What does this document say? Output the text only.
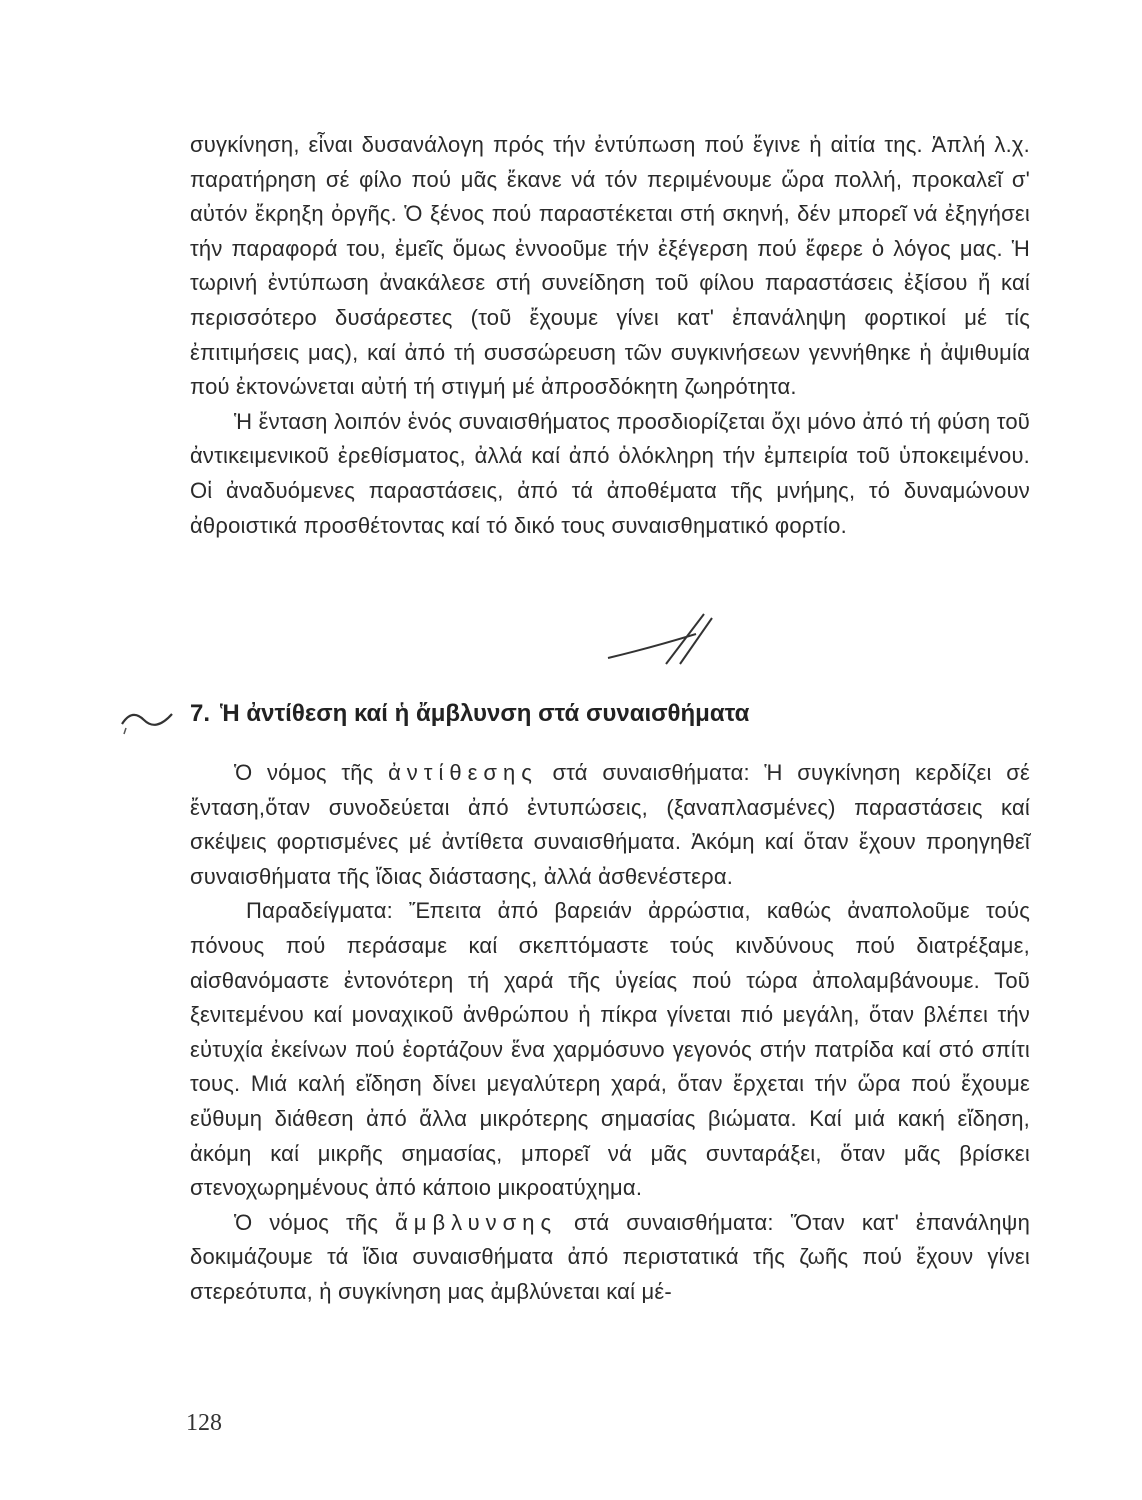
συγκίνηση, εἶναι δυσανάλογη πρός τήν ἐντύπωση πού ἔγινε ἡ αἰτία της. Ἁπλή λ.χ. παρατήρηση σέ φίλο πού μᾶς ἔκανε νά τόν περιμένουμε ὥρα πολλή, προκαλεῖ σ' αὐτόν ἔκρηξη ὀργῆς. Ὁ ξένος πού παραστέκεται στή σκηνή, δέν μπορεῖ νά ἐξηγήσει τήν παραφορά του, ἐμεῖς ὅμως ἐννοοῦμε τήν ἐξέγερση πού ἔφερε ὁ λόγος μας. Ἡ τωρινή ἐντύπωση ἀνακάλεσε στή συνείδηση τοῦ φίλου παραστάσεις ἐξίσου ἤ καί περισσότερο δυσάρεστες (τοῦ ἔχουμε γίνει κατ' ἐπανάληψη φορτικοί μέ τίς ἐπιτιμήσεις μας), καί ἀπό τή συσσώρευση τῶν συγκινήσεων γεννήθηκε ἡ ἀψιθυμία πού ἐκτονώνεται αὐτή τή στιγμή μέ ἀπροσδόκητη ζωηρότητα.

Ἡ ἔνταση λοιπόν ἑνός συναισθήματος προσδιορίζεται ὄχι μόνο ἀπό τή φύση τοῦ ἀντικειμενικοῦ ἐρεθίσματος, ἀλλά καί ἀπό ὁλόκληρη τήν ἐμπειρία τοῦ ὑποκειμένου. Οἱ ἀναδυόμενες παραστάσεις, ἀπό τά ἀποθέματα τῆς μνήμης, τό δυναμώνουν ἀθροιστικά προσθέτοντας καί τό δικό τους συναισθηματικό φορτίο.

7. Ἡ ἀντίθεση καί ἡ ἄμβλυνση στά συναισθήματα

Ὁ νόμος τῆς ἀντίθεσης στά συναισθήματα: Ἡ συγκίνηση κερδίζει σέ ἔνταση,ὅταν συνοδεύεται ἀπό ἐντυπώσεις, (ξαναπλασμένες) παραστάσεις καί σκέψεις φορτισμένες μέ ἀντίθετα συναισθήματα. Ἀκόμη καί ὅταν ἔχουν προηγηθεῖ συναισθήματα τῆς ἴδιας διάστασης, ἀλλά ἀσθενέστερα.

Παραδείγματα: Ἔπειτα ἀπό βαρειάν ἀρρώστια, καθώς ἀναπολοῦμε τούς πόνους πού περάσαμε καί σκεπτόμαστε τούς κινδύνους πού διατρέξαμε, αἰσθανόμαστε ἐντονότερη τή χαρά τῆς ὑγείας πού τώρα ἀπολαμβάνουμε. Τοῦ ξενιτεμένου καί μοναχικοῦ ἀνθρώπου ἡ πίκρα γίνεται πιό μεγάλη, ὅταν βλέπει τήν εὐτυχία ἐκείνων πού ἑορτάζουν ἕνα χαρμόσυνο γεγονός στήν πατρίδα καί στό σπίτι τους. Μιά καλή εἴδηση δίνει μεγαλύτερη χαρά, ὅταν ἔρχεται τήν ὥρα πού ἔχουμε εὔθυμη διάθεση ἀπό ἄλλα μικρότερης σημασίας βιώματα. Καί μιά κακή εἴδηση, ἀκόμη καί μικρῆς σημασίας, μπορεῖ νά μᾶς συνταράξει, ὅταν μᾶς βρίσκει στενοχωρημένους ἀπό κάποιο μικροατύχημα.

Ὁ νόμος τῆς ἄμβλυνσης στά συναισθήματα: Ὅταν κατ' ἐπανάληψη δοκιμάζουμε τά ἴδια συναισθήματα ἀπό περιστατικά τῆς ζωῆς πού ἔχουν γίνει στερεότυπα, ἡ συγκίνηση μας ἀμβλύνεται καί μέ-

128
